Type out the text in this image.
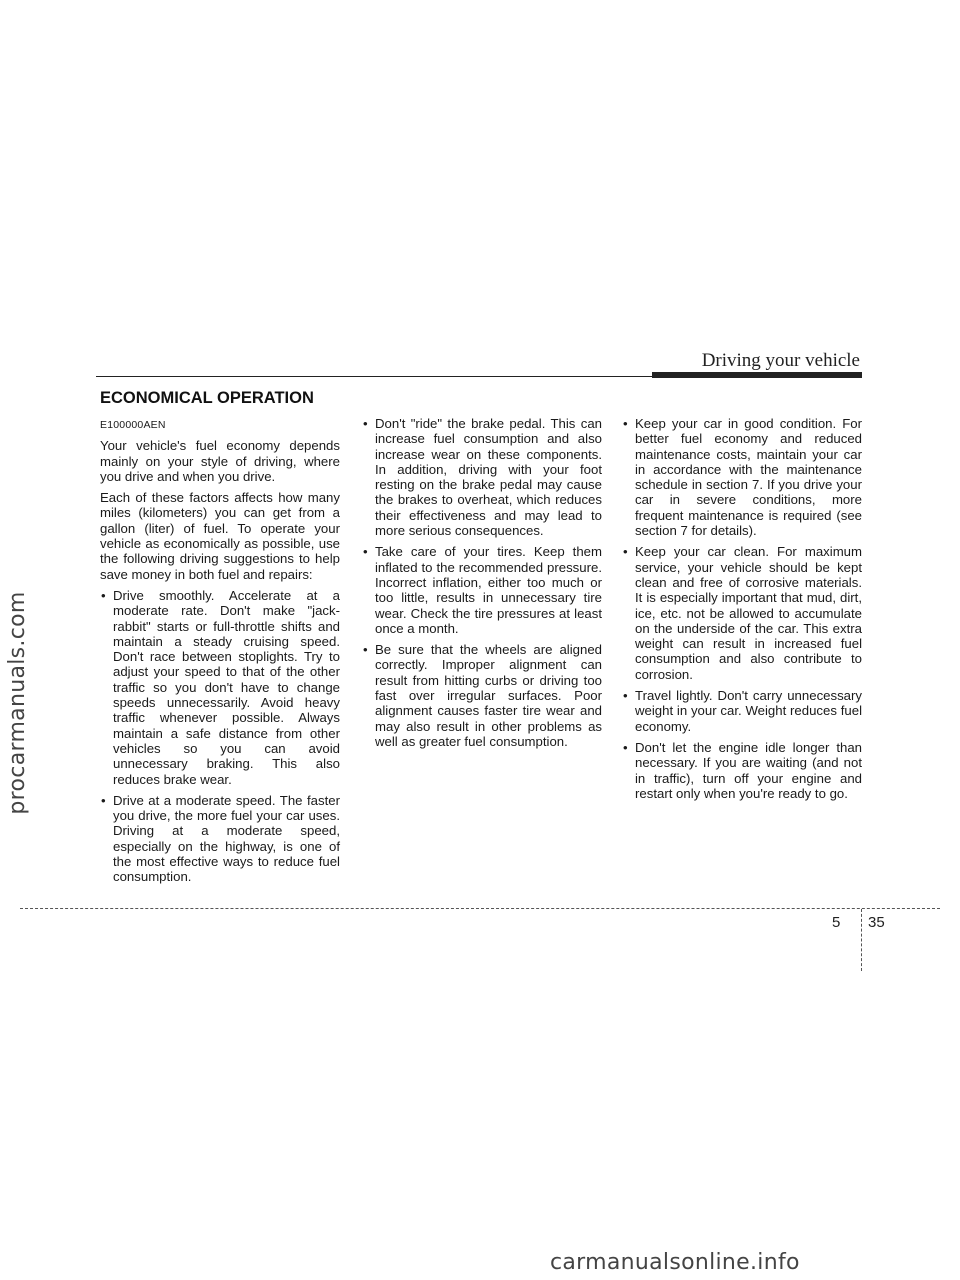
procarmanuals.com
Driving your vehicle
ECONOMICAL OPERATION

E100000AEN

Your vehicle's fuel economy depends mainly on your style of driving, where you drive and when you drive.

Each of these factors affects how many miles (kilometers) you can get from a gallon (liter) of fuel. To operate your vehicle as economically as possible, use the following driving suggestions to help save money in both fuel and repairs:

• Drive smoothly. Accelerate at a moderate rate. Don't make "jack-rabbit" starts or full-throttle shifts and maintain a steady cruising speed. Don't race between stoplights. Try to adjust your speed to that of the other traffic so you don't have to change speeds unnecessarily. Avoid heavy traffic whenever possible. Always maintain a safe distance from other vehicles so you can avoid unnecessary braking. This also reduces brake wear.
• Drive at a moderate speed. The faster you drive, the more fuel your car uses. Driving at a moderate speed, especially on the highway, is one of the most effective ways to reduce fuel consumption.
• Don't "ride" the brake pedal. This can increase fuel consumption and also increase wear on these components. In addition, driving with your foot resting on the brake pedal may cause the brakes to overheat, which reduces their effectiveness and may lead to more serious consequences.
• Take care of your tires. Keep them inflated to the recommended pressure. Incorrect inflation, either too much or too little, results in unnecessary tire wear. Check the tire pressures at least once a month.
• Be sure that the wheels are aligned correctly. Improper alignment can result from hitting curbs or driving too fast over irregular surfaces. Poor alignment causes faster tire wear and may also result in other problems as well as greater fuel consumption.
• Keep your car in good condition. For better fuel economy and reduced maintenance costs, maintain your car in accordance with the maintenance schedule in section 7. If you drive your car in severe conditions, more frequent maintenance is required (see section 7 for details).
• Keep your car clean. For maximum service, your vehicle should be kept clean and free of corrosive materials. It is especially important that mud, dirt, ice, etc. not be allowed to accumulate on the underside of the car. This extra weight can result in increased fuel consumption and also contribute to corrosion.
• Travel lightly. Don't carry unnecessary weight in your car. Weight reduces fuel economy.
• Don't let the engine idle longer than necessary. If you are waiting (and not in traffic), turn off your engine and restart only when you're ready to go.
5 35
carmanualsonline.info
